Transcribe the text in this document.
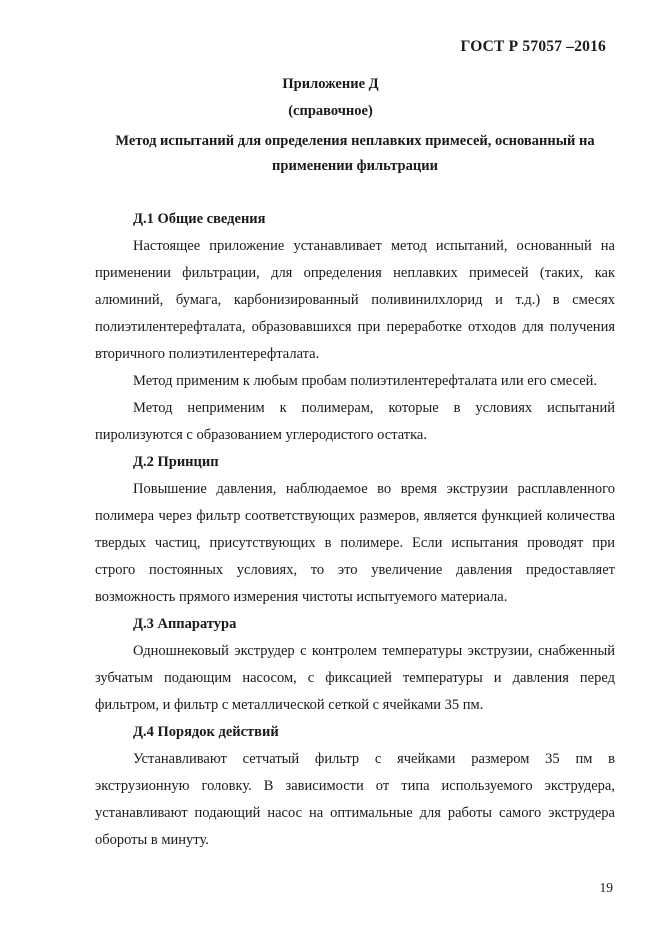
ГОСТ Р 57057 –2016
Приложение Д
(справочное)
Метод испытаний для определения неплавких примесей, основанный на применении фильтрации
Д.1 Общие сведения

Настоящее приложение устанавливает метод испытаний, основанный на применении фильтрации, для определения неплавких примесей (таких, как алюминий, бумага, карбонизированный поливинилхлорид и т.д.) в смесях полиэтилентерефталата, образовавшихся при переработке отходов для получения вторичного полиэтилентерефталата.

Метод применим к любым пробам полиэтилентерефталата или его смесей.

Метод неприменим к полимерам, которые в условиях испытаний пиролизуются с образованием углеродистого остатка.

Д.2 Принцип

Повышение давления, наблюдаемое во время экструзии расплавленного полимера через фильтр соответствующих размеров, является функцией количества твердых частиц, присутствующих в полимере. Если испытания проводят при строго постоянных условиях, то это увеличение давления предоставляет возможность прямого измерения чистоты испытуемого материала.

Д.3 Аппаратура

Одношнековый экструдер с контролем температуры экструзии, снабженный зубчатым подающим насосом, с фиксацией температуры и давления перед фильтром, и фильтр с металлической сеткой с ячейками 35 пм.

Д.4 Порядок действий

Устанавливают сетчатый фильтр с ячейками размером 35 пм в экструзионную головку. В зависимости от типа используемого экструдера, устанавливают подающий насос на оптимальные для работы самого экструдера обороты в минуту.

19
